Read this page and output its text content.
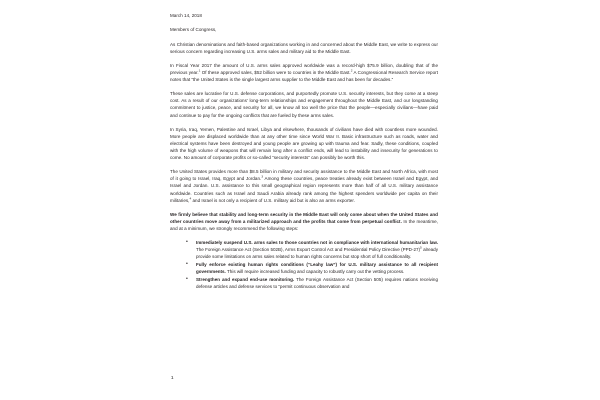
March 14, 2018

Members of Congress,

As Christian denominations and faith-based organizations working in and concerned about the Middle East, we write to express our serious concern regarding increasing U.S. arms sales and military aid to the Middle East.

In Fiscal Year 2017 the amount of U.S. arms sales approved worldwide was a record-high $75.9 billion, doubling that of the previous year.$^1$ Of these approved sales, $52 billion were to countries in the Middle East.$^2$ A Congressional Research Service report notes that “the United States is the single largest arms supplier to the Middle East and has been for decades.”

These sales are lucrative for U.S. defense corporations, and purportedly promote U.S. security interests, but they come at a steep cost. As a result of our organizations’ long-term relationships and engagement throughout the Middle East, and our longstanding commitment to justice, peace, and security for all, we know all too well the price that the people—especially civilians—have paid and continue to pay for the ongoing conflicts that are fueled by these arms sales.

In Syria, Iraq, Yemen, Palestine and Israel, Libya and elsewhere, thousands of civilians have died with countless more wounded. More people are displaced worldwide than at any other time since World War II. Basic infrastructure such as roads, water and electrical systems have been destroyed and young people are growing up with trauma and fear. Sadly, these conditions, coupled with the high volume of weapons that will remain long after a conflict ends, will lead to instability and insecurity for generations to come. No amount of corporate profits or so-called “security interests” can possibly be worth this.

The United States provides more than $8.5 billion in military and security assistance to the Middle East and North Africa, with most of it going to Israel, Iraq, Egypt and Jordan.$^3$ Among these countries, peace treaties already exist between Israel and Egypt, and Israel and Jordan. U.S. assistance to this small geographical region represents more than half of all U.S. military assistance worldwide. Countries such as Israel and Saudi Arabia already rank among the highest spenders worldwide per capita on their militaries,$^4$ and Israel is not only a recipient of U.S. military aid but is also an arms exporter.

We firmly believe that stability and long-term security in the Middle East will only come about when the United States and other countries move away from a militarized approach and the profits that come from perpetual conflict. In the meantime, and at a minimum, we strongly recommend the following steps:

• Immediately suspend U.S. arms sales to those countries not in compliance with international humanitarian law. The Foreign Assistance Act (Section 502B), Arms Export Control Act and Presidential Policy Directive $(PPD-27)^5$ already provide some limitations on arms sales related to human rights concerns but stop short of full conditionality.
• Fully enforce existing human rights conditions (“Leahy law”) for U.S. military assistance to all recipient governments. This will require increased funding and capacity to robustly carry out the vetting process.
• Strengthen and expand end-use monitoring. The Foreign Assistance Act (Section 505) requires nations receiving defense articles and defense services to “permit continuous observation and
1
